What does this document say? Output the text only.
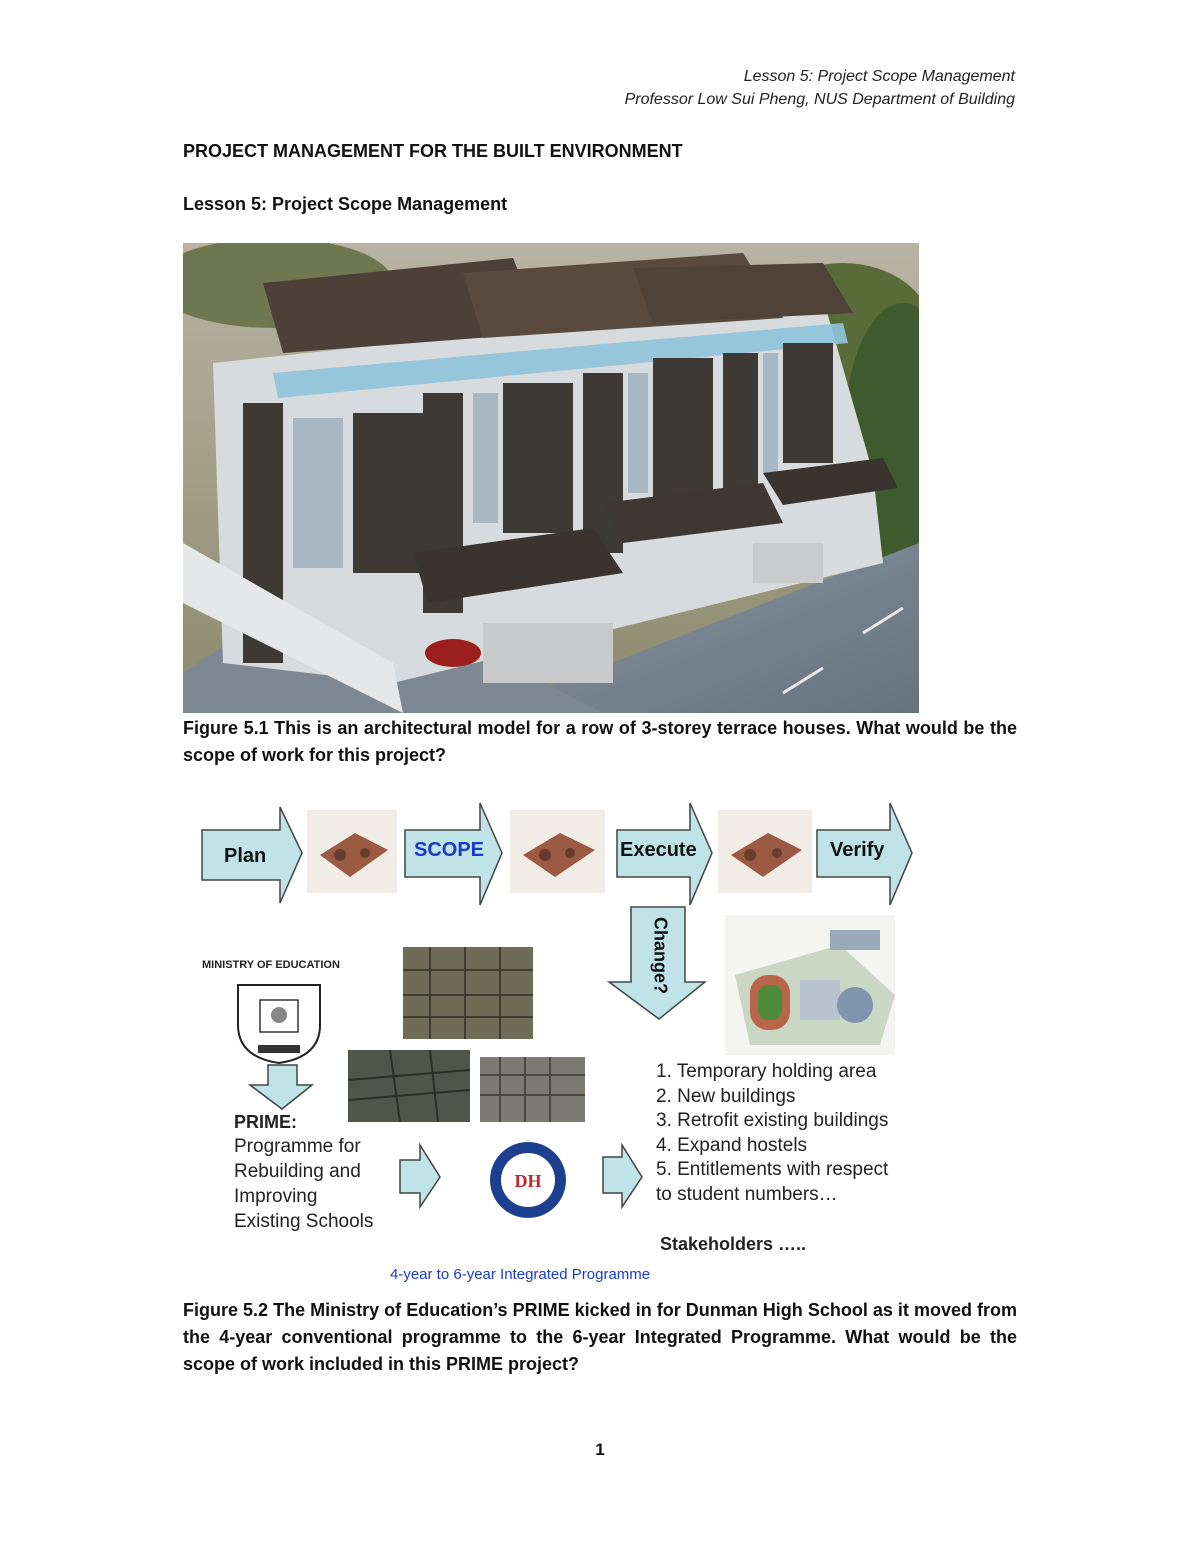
Lesson 5: Project Scope Management
Professor Low Sui Pheng, NUS Department of Building
PROJECT MANAGEMENT FOR THE BUILT ENVIRONMENT
Lesson 5: Project Scope Management
Figure 5.1 This is an architectural model for a row of 3-storey terrace houses. What would be the scope of work for this project?
DH
Plan	SCOPE	Execute	Verify
Change?
MINISTRY OF EDUCATION
PRIME:
Programme for
Rebuilding and
Improving
Existing Schools
1. Temporary holding area
2. New buildings
3. Retrofit existing buildings
4. Expand hostels
5. Entitlements with respect
to student numbers…
Stakeholders …..
4-year to 6-year Integrated Programme
Figure 5.2 The Ministry of Education’s PRIME kicked in for Dunman High School as it moved from the 4-year conventional programme to the 6-year Integrated Programme. What would be the scope of work included in this PRIME project?
1
